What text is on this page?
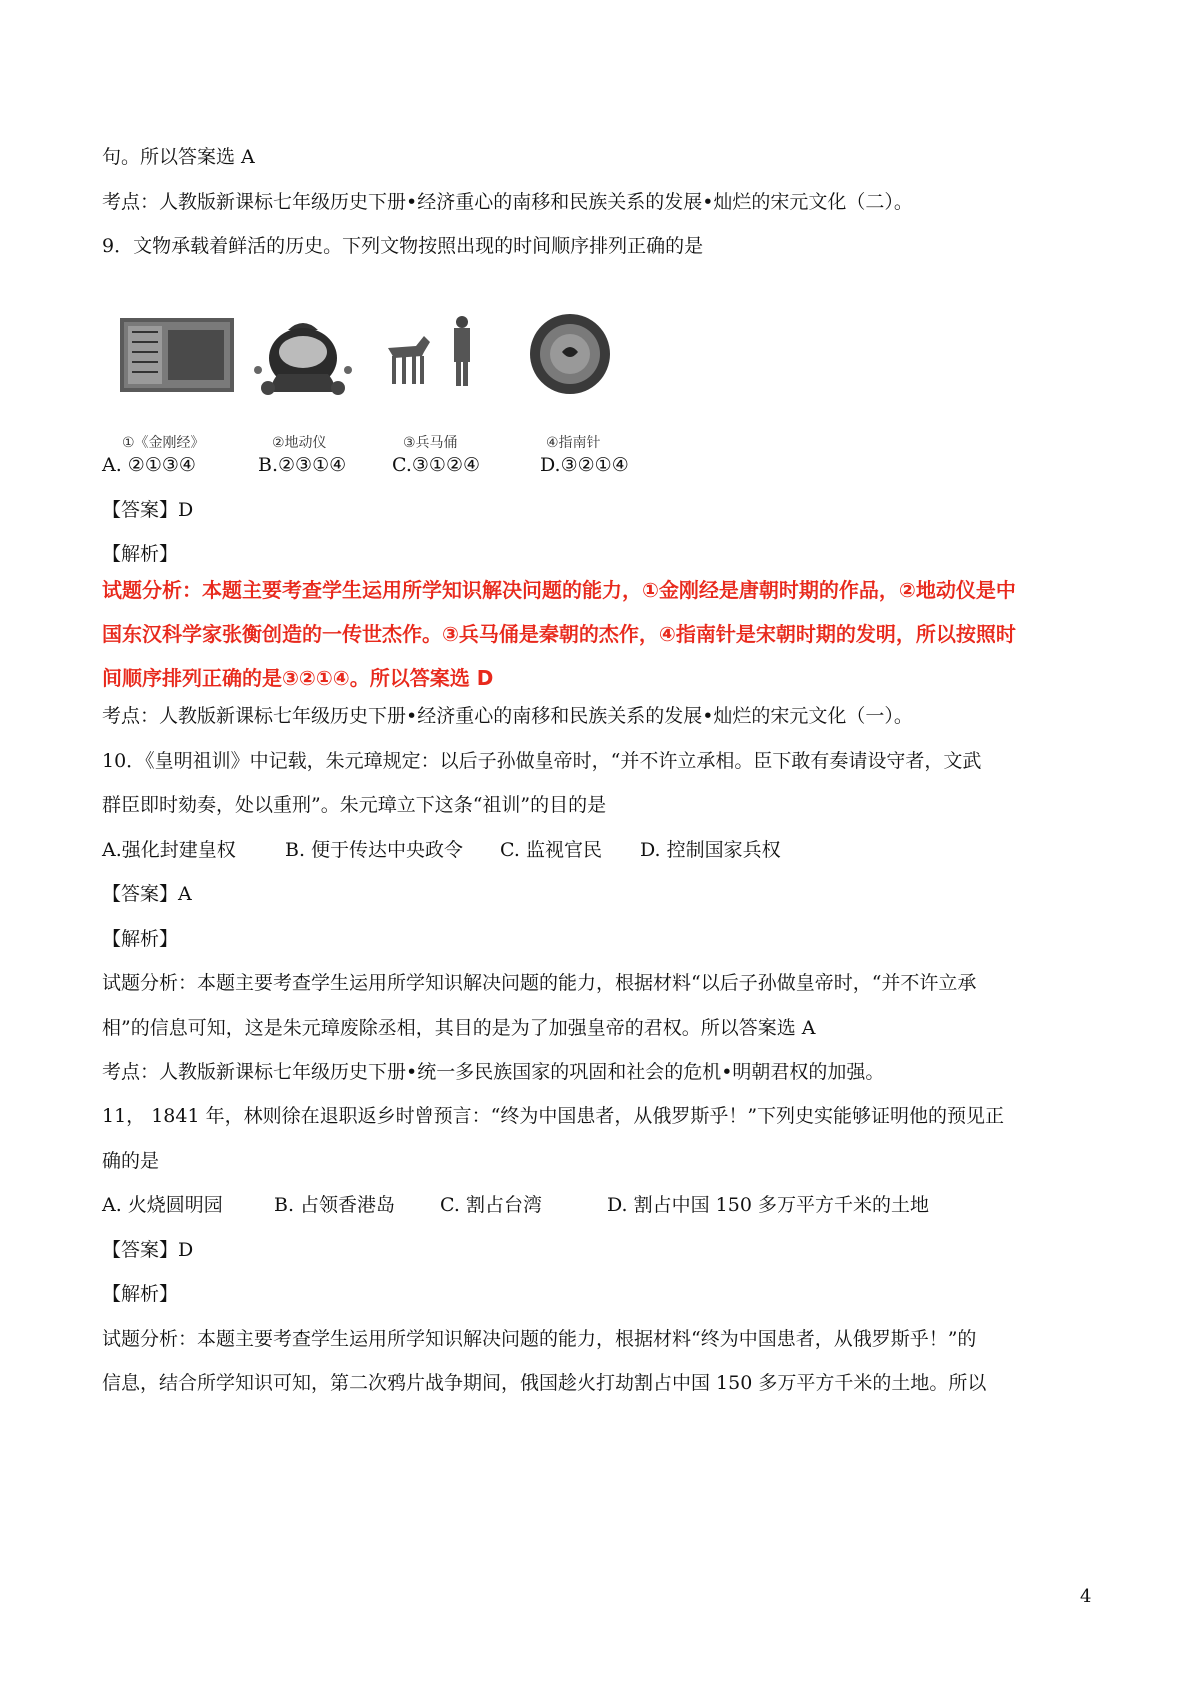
句。所以答案选 A
考点：人教版新课标七年级历史下册•经济重心的南移和民族关系的发展•灿烂的宋元文化（二）。
9．文物承载着鲜活的历史。下列文物按照出现的时间顺序排列正确的是
①《金刚经》	②地动仪	③兵马俑	④指南针
A. ②①③④	B.②③①④ C.③①②④	D.③②①④
【答案】D
【解析】
试题分析：本题主要考查学生运用所学知识解决问题的能力，①金刚经是唐朝时期的作品，②地动仪是中
国东汉科学家张衡创造的一传世杰作。③兵马俑是秦朝的杰作，④指南针是宋朝时期的发明，所以按照时
间顺序排列正确的是③②①④。所以答案选 D
考点：人教版新课标七年级历史下册•经济重心的南移和民族关系的发展•灿烂的宋元文化（一）。
10．《皇明祖训》中记载，朱元璋规定：以后子孙做皇帝时，“并不许立承相。臣下敢有奏请设守者，文武
群臣即时劾奏，处以重刑”。朱元璋立下这条“祖训”的目的是
A.强化封建皇权	B. 便于传达中央政令 C. 监视官民 D. 控制国家兵权
【答案】A
【解析】
试题分析：本题主要考查学生运用所学知识解决问题的能力，根据材料“以后子孙做皇帝时，“并不许立承
相”的信息可知，这是朱元璋废除丞相，其目的是为了加强皇帝的君权。所以答案选 A
考点：人教版新课标七年级历史下册•统一多民族国家的巩固和社会的危机•明朝君权的加强。
11， 1841 年，林则徐在退职返乡时曾预言：“终为中国患者，从俄罗斯乎！”下列史实能够证明他的预见正
确的是
A. 火烧圆明园	B. 占领香港岛 C. 割占台湾	D. 割占中国 150 多万平方千米的土地
【答案】D
【解析】
试题分析：本题主要考查学生运用所学知识解决问题的能力，根据材料“终为中国患者，从俄罗斯乎！”的
信息，结合所学知识可知，第二次鸦片战争期间，俄国趁火打劫割占中国 150 多万平方千米的土地。所以
4
